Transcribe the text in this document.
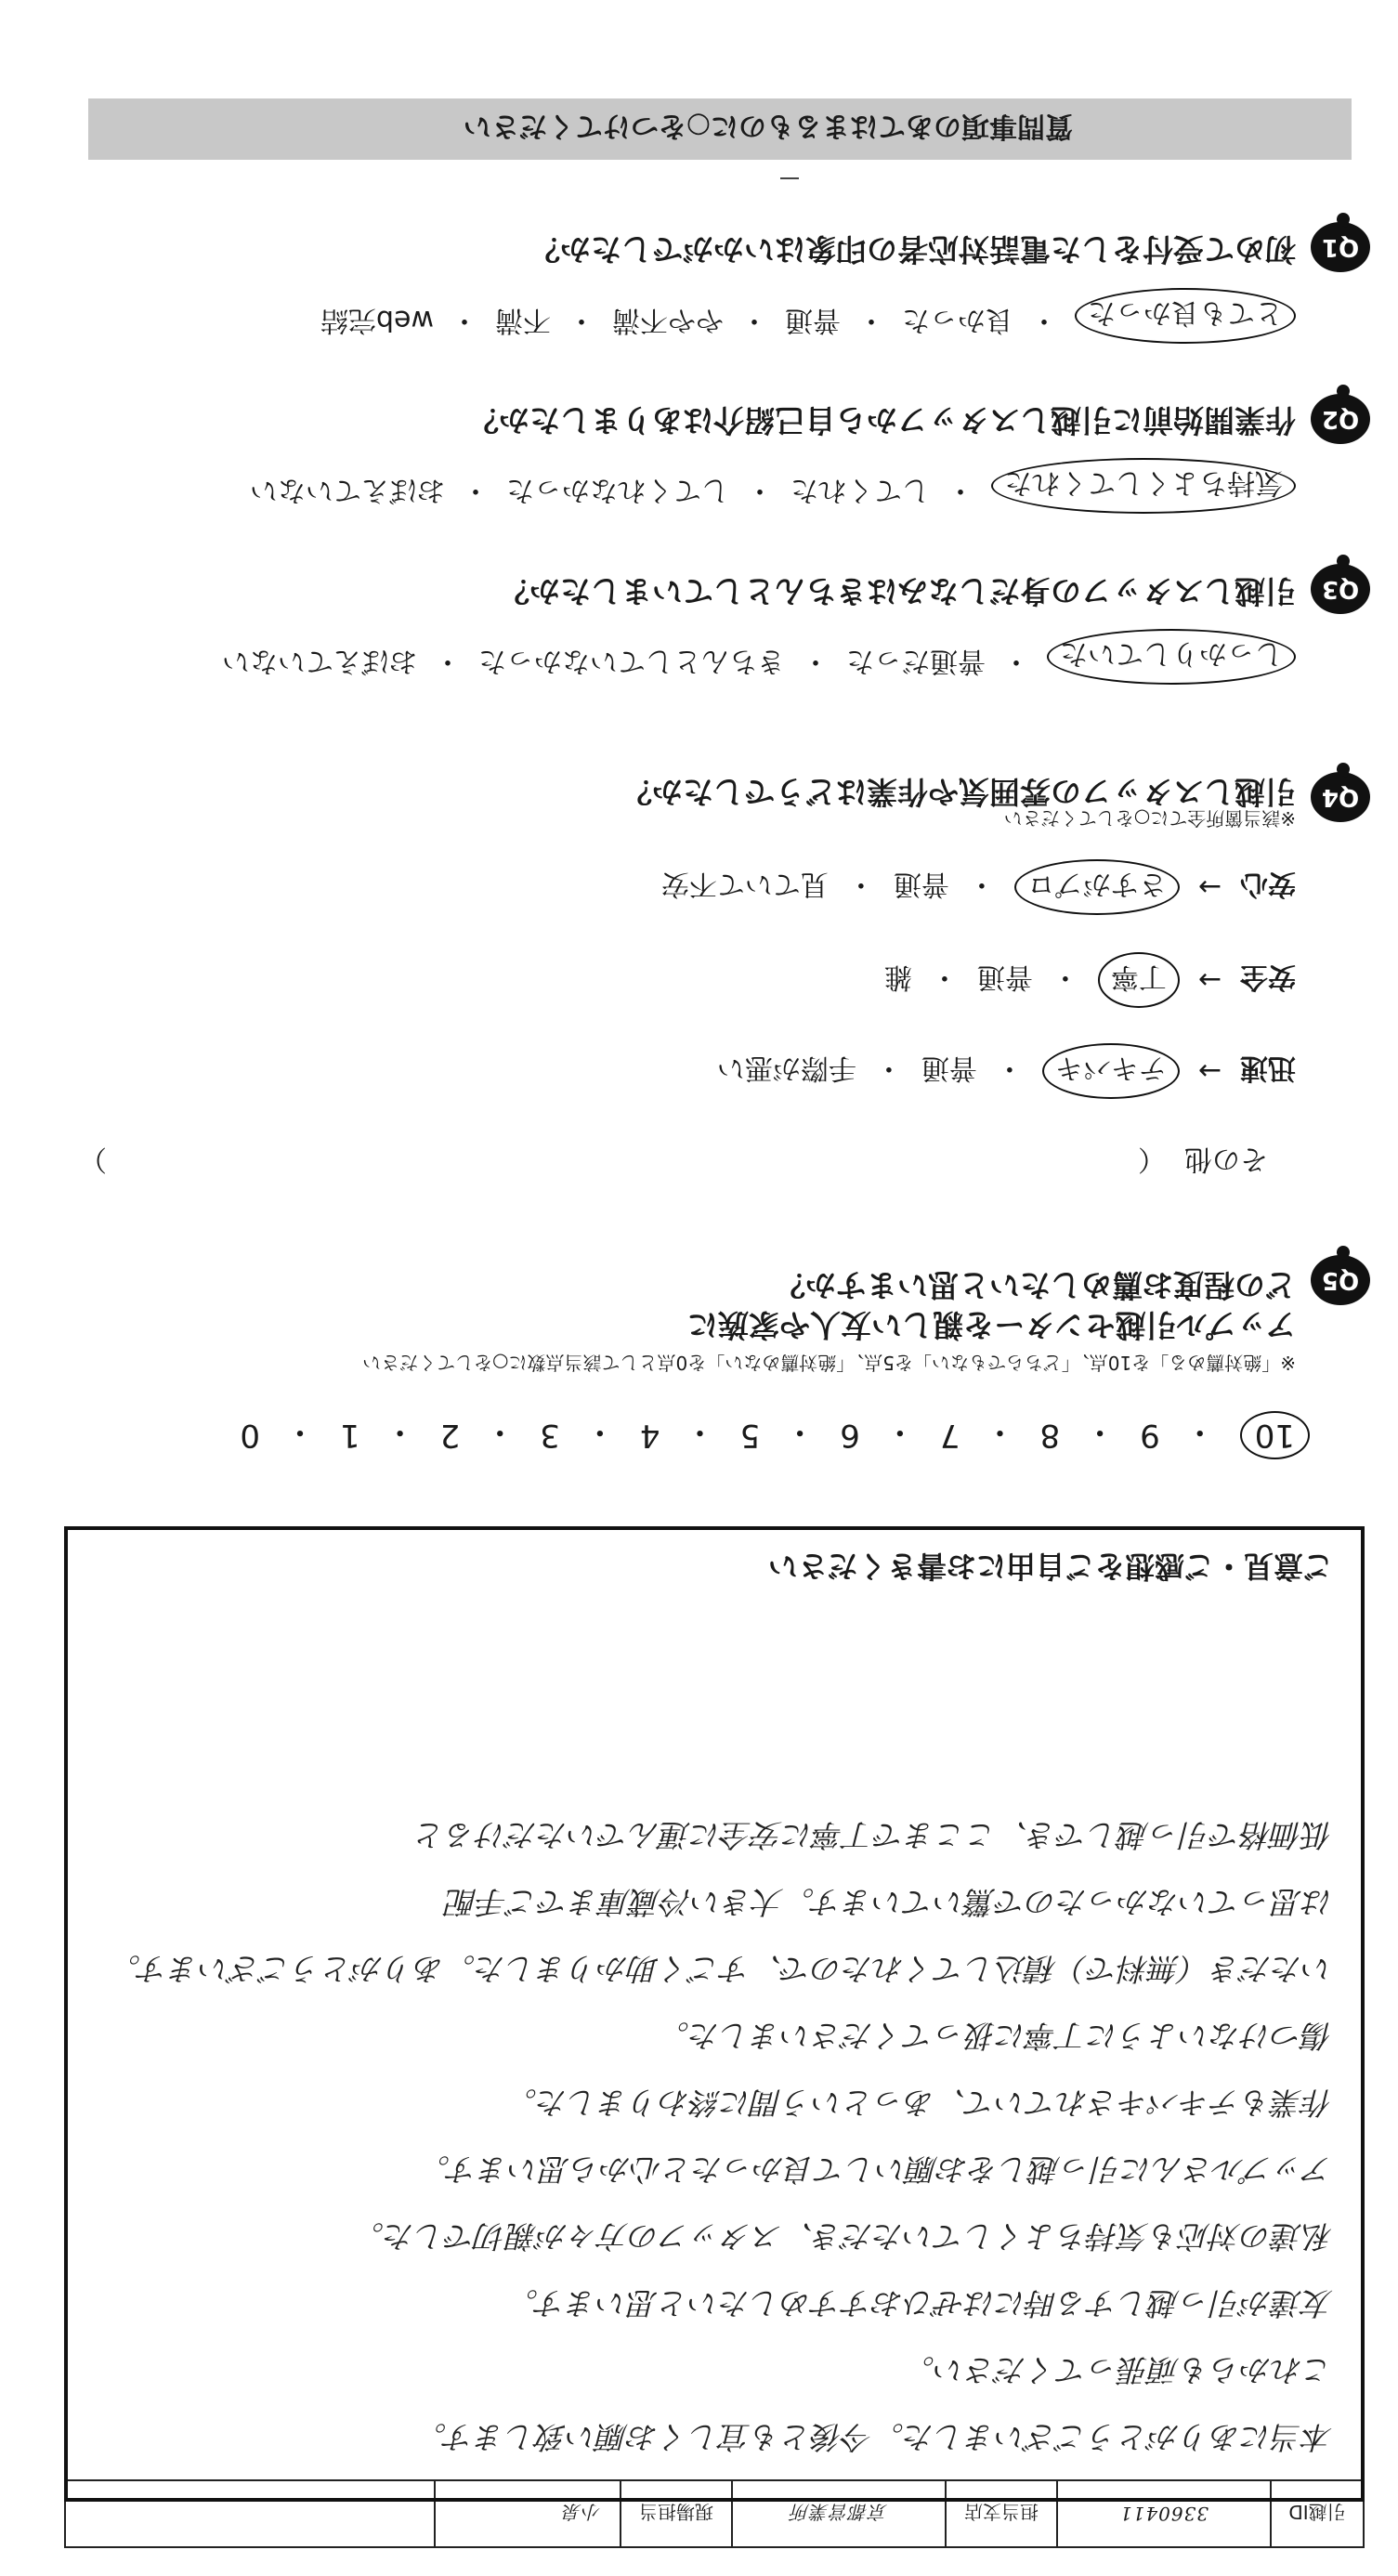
引越ID
3360411
担当支店
京都営業所
現場担当
小泉
質問事項のあてはまるものに○をつけてください
Q1
初めて受付をした電話対応者の印象はいかがでしたか？
とても良かった
・
良かった
・
普通
・
やや不満
・
不満
・
web完結
Q2
作業開始前に引越しスタッフから自己紹介はありましたか？
気持ちよくしてくれた
・
してくれた
・
してくれなかった
・
おぼえていない
Q3
引越しスタッフの身だしなみはきちんとしていましたか？
しっかりしていた
・
普通だった
・
きちんとしていなかった
・
おぼえていない
Q4
引越しスタッフの雰囲気や作業はどうでしたか？
※該当箇所全てに○をしてください
安心
→
さすがプロ
・
普通
・
見ていて不安
安全
→
丁寧
・
普通
・
雑
迅速
→
テキパキ
・
普通
・
手際が悪い
その他
（
）
Q5
アップル引越センターを親しい友人や家族に
どの程度お薦めしたいと思いますか？
※「絶対薦める」を10点、「どちらでもない」を5点、「絶対薦めない」を0点として該当点数に○をしてください
10
・
9
・
8
・
7
・
6
・
5
・
4
・
3
・
2
・
1
・
0
本当にありがとうございました。今後とも宜しくお願い致します。
これからも頑張ってください。
友達が引っ越しする時にはぜひおすすめしたいと思います。
私達の対応も気持ちよくしていただき、スタッフの方々が親切でした。
アップルさんに引っ越しをお願いして良かったと心から思います。
作業もテキパキされていて、あっという間に終わりました。
傷つけないように丁寧に扱ってくださいました。
いただき（無料で）積込してくれたので、すごく助かりました。ありがとうございます。
は思っていなかったので驚いています。大きい冷蔵庫までご手配
低価格で引っ越しでき、ここまで丁寧に安全に運んでいただけると
ご意見・ご感想をご自由にお書きください
